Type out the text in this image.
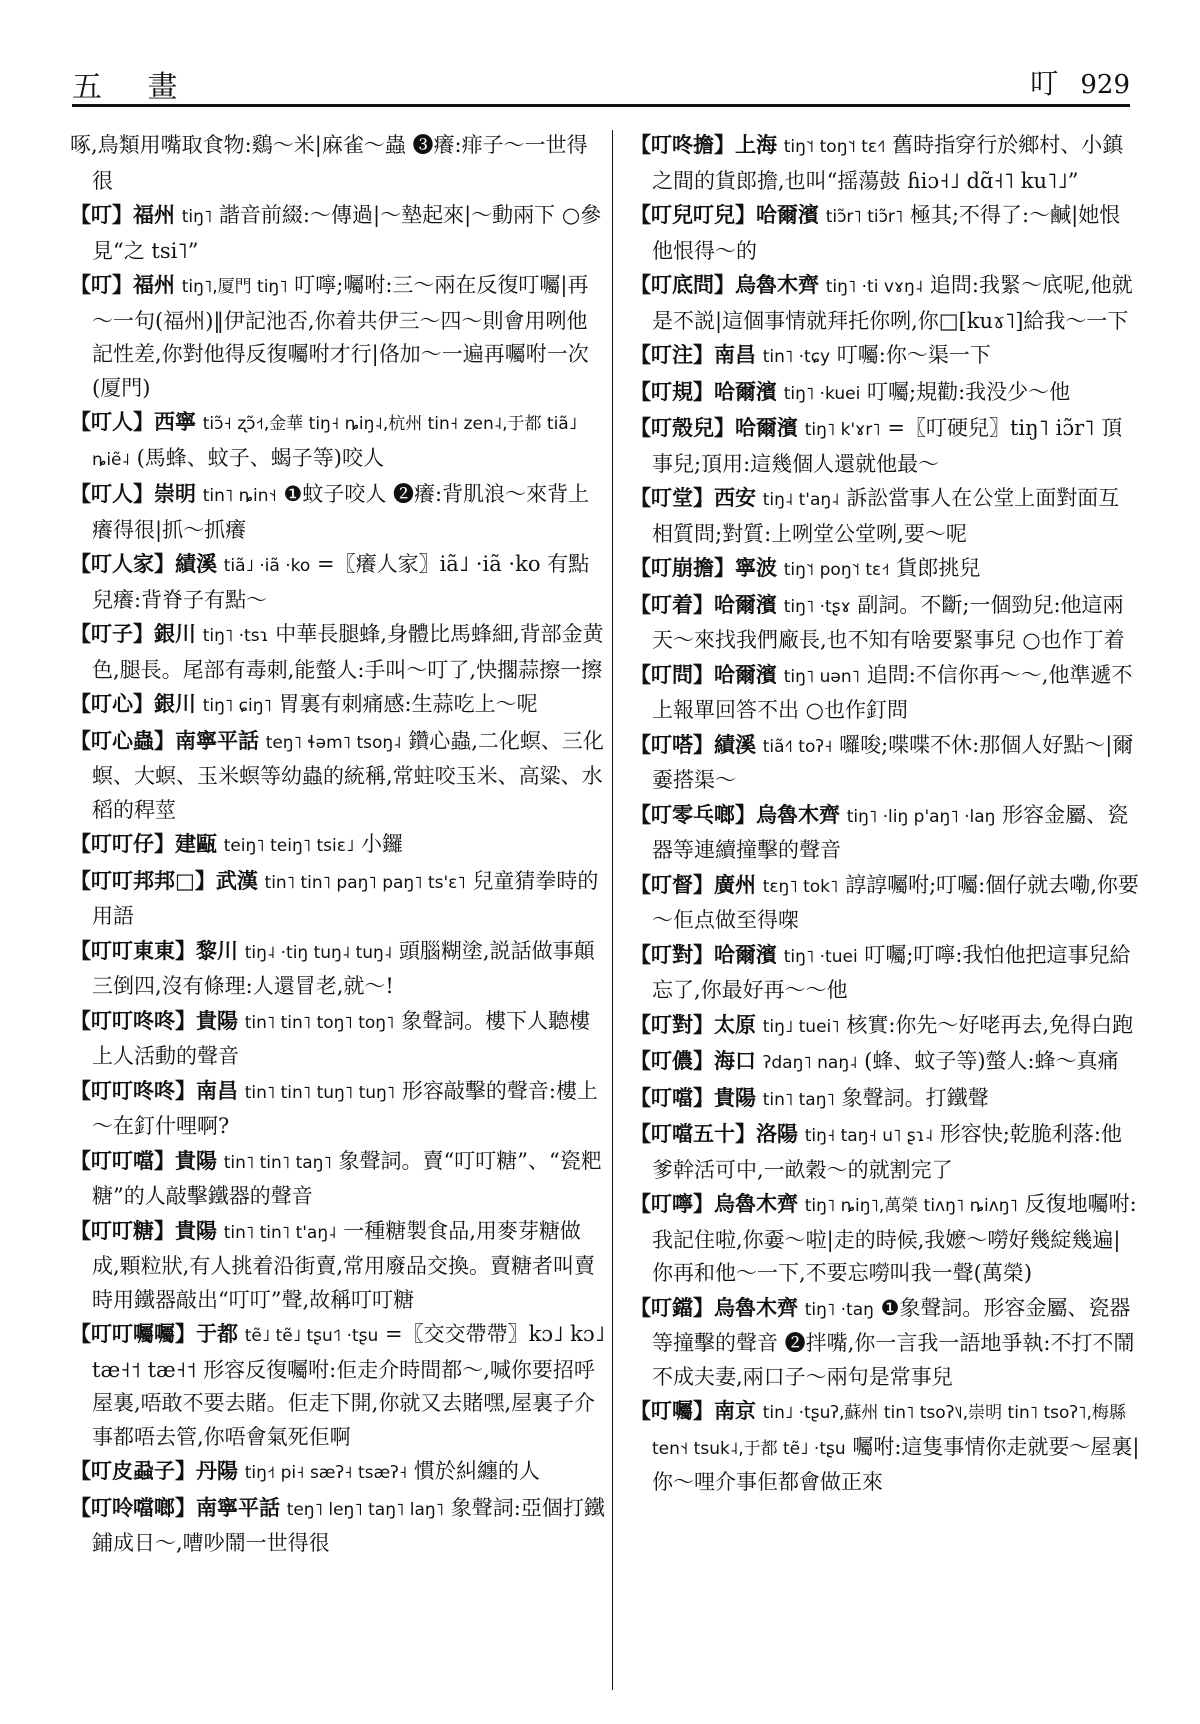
五 畫	叮 929

啄,鳥類用嘴取食物:鷄～米|麻雀～蟲 ❸癢:痱子～一世得很

【叮】福州 tiŋ˥ 諧音前綴:～傳過|～墊起來|～動兩下 ○參見“之 tsi˥”

【叮】福州 tiŋ˥,厦門 tiŋ˥ 叮嚀;囑咐:三～兩在反復叮囑|再～一句(福州)‖伊記池否,你着共伊三～四～則會用咧他記性差,你對他得反復囑咐才行|佫加～一遍再囑咐一次(厦門)

【叮人】西寧 tiɔ̃˧ ʐɔ̃˧˦,金華 tiŋ˧ ȵiŋ˨,杭州 tin˧ zen˨,于都 tiã˩ ȵiẽ˨ (馬蜂、蚊子、蝎子等)咬人

【叮人】崇明 tin˥ ȵin˦˧ ❶蚊子咬人 ❷癢:背肌浪～來背上癢得很|抓～抓癢

【叮人家】績溪 tiã˩ ·iã ·ko =〖癢人家〗iã˩ ·iã ·ko 有點兒癢:背脊子有點～

【叮子】銀川 tiŋ˥ ·tsɿ 中華長腿蜂,身體比馬蜂細,背部金黄色,腿長。尾部有毒刺,能螫人:手叫～叮了,快擱蒜擦一擦

【叮心】銀川 tiŋ˥ ɕiŋ˥ 胃裏有刺痛感:生蒜吃上～呢

【叮心蟲】南寧平話 teŋ˥ ɬəm˥ tsoŋ˨ 鑽心蟲,二化螟、三化螟、大螟、玉米螟等幼蟲的統稱,常蛀咬玉米、高粱、水稻的稈莖

【叮叮仔】建甌 teiŋ˥ teiŋ˥ tsiɛ˩ 小鑼

【叮叮邦邦□】武漢 tin˥ tin˥ paŋ˥ paŋ˥ ts'ɛ˥ 兒童猜拳時的用語

【叮叮東東】黎川 tiŋ˨ ·tiŋ tuŋ˨ tuŋ˨ 頭腦糊塗,説話做事顛三倒四,沒有條理:人還冒老,就～!

【叮叮咚咚】貴陽 tin˥ tin˥ toŋ˥ toŋ˥ 象聲詞。樓下人聽樓上人活動的聲音

【叮叮咚咚】南昌 tin˥ tin˥ tuŋ˥ tuŋ˥ 形容敲擊的聲音:樓上～在釘什哩啊?

【叮叮噹】貴陽 tin˥ tin˥ taŋ˥ 象聲詞。賣“叮叮糖”、“瓷粑糖”的人敲擊鐵器的聲音

【叮叮糖】貴陽 tin˥ tin˥ t'aŋ˨ 一種糖製食品,用麥芽糖做成,顆粒狀,有人挑着沿街賣,常用廢品交換。賣糖者叫賣時用鐵器敲出“叮叮”聲,故稱叮叮糖

【叮叮囑囑】于都 tẽ˩ tẽ˩ tʂu˦˥ ·tʂu =〖交交帶帶〗kɔ˩ kɔ˩ tæ˧˦ tæ˧˦ 形容反復囑咐:佢走介時間都～,喊你要招呼屋裏,唔敢不要去賭。佢走下開,你就又去賭嘿,屋裏子介事都唔去管,你唔會氣死佢啊

【叮皮蝨子】丹陽 tiŋ˧˦ pi˧ sæʔ˧ tsæʔ˧ 慣於糾纏的人

【叮呤噹啷】南寧平話 teŋ˥ leŋ˥ taŋ˥ laŋ˥ 象聲詞:亞個打鐵鋪成日～,嘈吵鬧一世得很

【叮咚擔】上海 tiŋ˥˦ toŋ˥˦ tɛ˧˥ 舊時指穿行於鄉村、小鎮之間的貨郎擔,也叫“摇蕩鼓 ɦiɔ˧˩ dɑ̃˧˥ ku˥˩”

【叮兒叮兒】哈爾濱 tiɔ̃r˥ tiɔ̃r˥ 極其;不得了:～鹹|她恨他恨得～的

【叮底問】烏魯木齊 tiŋ˥ ·ti vɤŋ˨ 追問:我緊～底呢,他就是不説|這個事情就拜托你咧,你□[kuɤ˥]給我～一下

【叮注】南昌 tin˥ ·tɕy 叮囑:你～渠一下

【叮規】哈爾濱 tiŋ˥ ·kuei 叮囑;規勸:我没少～他

【叮殼兒】哈爾濱 tiŋ˥ k'ɤr˥ =〖叮硬兒〗tiŋ˥ iɔ̃r˥ 頂事兒;頂用:這幾個人還就他最～

【叮堂】西安 tiŋ˨ t'aŋ˨ 訴訟當事人在公堂上面對面互相質問;對質:上咧堂公堂咧,要～呢

【叮崩擔】寧波 tiŋ˥˦ poŋ˥˦ tɛ˧˦ 貨郎挑兒

【叮着】哈爾濱 tiŋ˥ ·tʂɤ 副詞。不斷;一個勁兒:他這兩天～來找我們廠長,也不知有啥要緊事兒 ○也作丁着

【叮問】哈爾濱 tiŋ˥ uən˥ 追問:不信你再～～,他準遞不上報單回答不出 ○也作釘問

【叮嗒】績溪 tiã˧˥ toʔ˧ 囉唆;喋喋不休:那個人好點～|爾嫑搭渠～

【叮零乓啷】烏魯木齊 tiŋ˥ ·liŋ p'aŋ˥ ·laŋ 形容金屬、瓷器等連續撞擊的聲音

【叮督】廣州 tɛŋ˥ tok˥ 諄諄囑咐;叮囑:個仔就去嘞,你要～佢点做至得㗎

【叮對】哈爾濱 tiŋ˥ ·tuei 叮囑;叮嚀:我怕他把這事兒給忘了,你最好再～～他

【叮對】太原 tiŋ˩ tuei˥ 核實:你先～好咾再去,免得白跑

【叮儂】海口 ʔdaŋ˥ naŋ˨ (蜂、蚊子等)螫人:蜂～真痛

【叮噹】貴陽 tin˥ taŋ˥ 象聲詞。打鐵聲

【叮噹五十】洛陽 tiŋ˧ taŋ˧ u˥ ʂɿ˨ 形容快;乾脆利落:他爹幹活可中,一畝穀～的就割完了

【叮嚀】烏魯木齊 tiŋ˥ ȵiŋ˥,萬榮 tiʌŋ˥ ȵiʌŋ˥ 反復地囑咐:我記住啦,你嫑～啦|走的時候,我嬷～嘮好幾綻幾遍|你再和他～一下,不要忘嘮叫我一聲(萬榮)

【叮鐺】烏魯木齊 tiŋ˥ ·taŋ ❶象聲詞。形容金屬、瓷器等撞擊的聲音 ❷拌嘴,你一言我一語地爭執:不打不鬧不成夫妻,兩口子～兩句是常事兒

【叮囑】南京 tin˩ ·tʂuʔ,蘇州 tin˥ tsoʔ˥˩,崇明 tin˥ tsoʔ˥,梅縣 ten˦˧ tsuk˨,于都 tẽ˩ ·tʂu 囑咐:這隻事情你走就要～屋裏|你～哩介事佢都會做正來
